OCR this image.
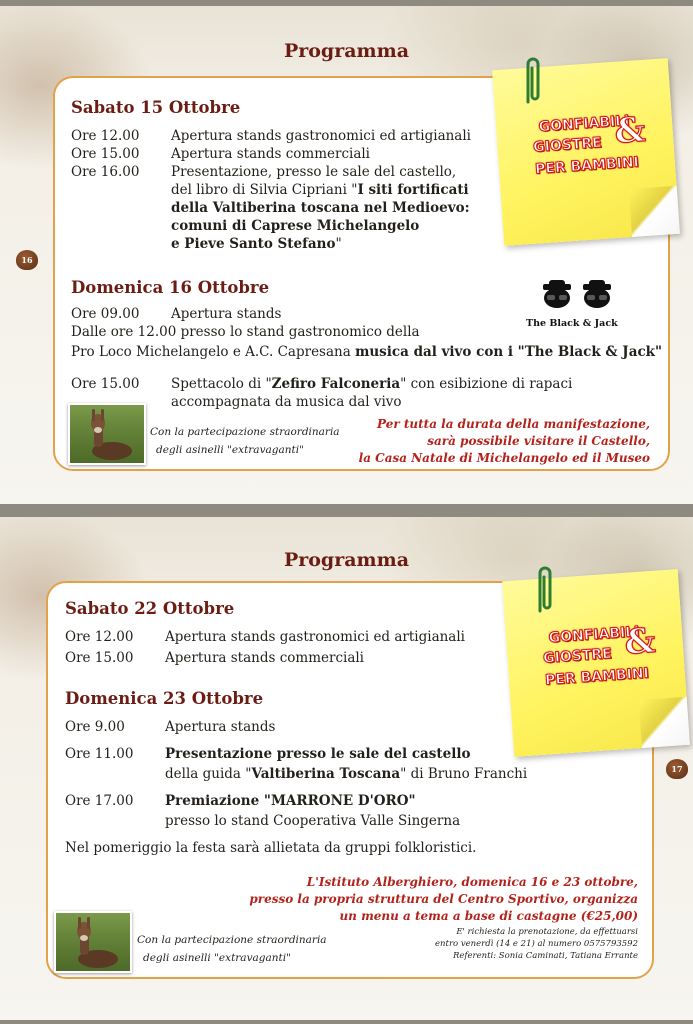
Programma
Sabato 15 Ottobre
Ore 12.00 Apertura stands gastronomici ed artigianali
Ore 15.00 Apertura stands commerciali
Ore 16.00 Presentazione, presso le sale del castello,
del libro di Silvia Cipriani "I siti fortificati
della Valtiberina toscana nel Medioevo:
comuni di Caprese Michelangelo
e Pieve Santo Stefano"
Domenica 16 Ottobre
Ore 09.00 Apertura stands
Dalle ore 12.00 presso lo stand gastronomico della
Pro Loco Michelangelo e A.C. Capresana musica dal vivo con i "The Black & Jack"
Ore 15.00 Spettacolo di "Zefiro Falconeria" con esibizione di rapaci
accompagnata da musica dal vivo
The Black & Jack
Con la partecipazione straordinaria
degli asinelli "extravaganti"
Per tutta la durata della manifestazione,
sarà possibile visitare il Castello,
la Casa Natale di Michelangelo ed il Museo
GONFIABILI
GIOSTRE &
PER BAMBINI
16
Programma
Sabato 22 Ottobre
Ore 12.00 Apertura stands gastronomici ed artigianali
Ore 15.00 Apertura stands commerciali
Domenica 23 Ottobre
Ore 9.00	Apertura stands
Ore 11.00 Presentazione presso le sale del castello
della guida "Valtiberina Toscana" di Bruno Franchi
Ore 17.00 Premiazione "MARRONE D'ORO"
presso lo stand Cooperativa Valle Singerna
Nel pomeriggio la festa sarà allietata da gruppi folkloristici.
L'Istituto Alberghiero, domenica 16 e 23 ottobre,
presso la propria struttura del Centro Sportivo, organizza
un menu a tema a base di castagne (€25,00)
E' richiesta la prenotazione, da effettuarsi
entro venerdì (14 e 21) al numero 0575793592
Referenti: Sonia Caminati, Tatiana Errante
Con la partecipazione straordinaria
degli asinelli "extravaganti"
GONFIABILI
GIOSTRE &
PER BAMBINI
17
